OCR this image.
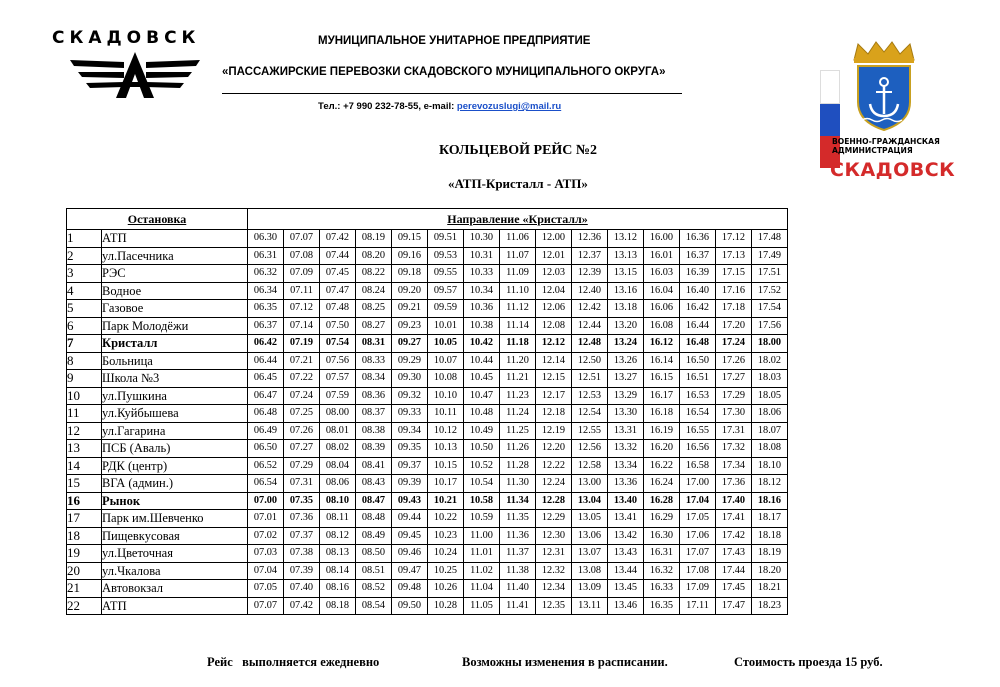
СКАДОВСК	МУНИЦИПАЛЬНОЕ УНИТАРНОЕ ПРЕДПРИЯТИЕ
«ПАССАЖИРСКИЕ ПЕРЕВОЗКИ СКАДОВСКОГО МУНИЦИПАЛЬНОГО ОКРУГА»
Тел.: +7 990 232-78-55, e-mail: perevozuslugi@mail.ru
КОЛЬЦЕВОЙ РЕЙС №2
«АТП-Кристалл - АТП»
ВОЕННО-ГРАЖДАНСКАЯ
АДМИНИСТРАЦИЯ
СКАДОВСК
Остановка		Направление «Кристалл»														
1	АТП	06.30	07.07	07.42	08.19	09.15	09.51	10.30	11.06	12.00	12.36	13.12	16.00	16.36	17.12	17.48
2	ул.Пасечника	06.31	07.08	07.44	08.20	09.16	09.53	10.31	11.07	12.01	12.37	13.13	16.01	16.37	17.13	17.49
3	РЭС	06.32	07.09	07.45	08.22	09.18	09.55	10.33	11.09	12.03	12.39	13.15	16.03	16.39	17.15	17.51
4	Водное	06.34	07.11	07.47	08.24	09.20	09.57	10.34	11.10	12.04	12.40	13.16	16.04	16.40	17.16	17.52
5	Газовое	06.35	07.12	07.48	08.25	09.21	09.59	10.36	11.12	12.06	12.42	13.18	16.06	16.42	17.18	17.54
6	Парк Молодёжи	06.37	07.14	07.50	08.27	09.23	10.01	10.38	11.14	12.08	12.44	13.20	16.08	16.44	17.20	17.56
7	Кристалл	06.42	07.19	07.54	08.31	09.27	10.05	10.42	11.18	12.12	12.48	13.24	16.12	16.48	17.24	18.00
8	Больница	06.44	07.21	07.56	08.33	09.29	10.07	10.44	11.20	12.14	12.50	13.26	16.14	16.50	17.26	18.02
9	Школа №3	06.45	07.22	07.57	08.34	09.30	10.08	10.45	11.21	12.15	12.51	13.27	16.15	16.51	17.27	18.03
10	ул.Пушкина	06.47	07.24	07.59	08.36	09.32	10.10	10.47	11.23	12.17	12.53	13.29	16.17	16.53	17.29	18.05
11	ул.Куйбышева	06.48	07.25	08.00	08.37	09.33	10.11	10.48	11.24	12.18	12.54	13.30	16.18	16.54	17.30	18.06
12	ул.Гагарина	06.49	07.26	08.01	08.38	09.34	10.12	10.49	11.25	12.19	12.55	13.31	16.19	16.55	17.31	18.07
13	ПСБ (Аваль)	06.50	07.27	08.02	08.39	09.35	10.13	10.50	11.26	12.20	12.56	13.32	16.20	16.56	17.32	18.08
14	РДК (центр)	06.52	07.29	08.04	08.41	09.37	10.15	10.52	11.28	12.22	12.58	13.34	16.22	16.58	17.34	18.10
15	ВГА (админ.)	06.54	07.31	08.06	08.43	09.39	10.17	10.54	11.30	12.24	13.00	13.36	16.24	17.00	17.36	18.12
16	Рынок	07.00	07.35	08.10	08.47	09.43	10.21	10.58	11.34	12.28	13.04	13.40	16.28	17.04	17.40	18.16
17	Парк им.Шевченко	07.01	07.36	08.11	08.48	09.44	10.22	10.59	11.35	12.29	13.05	13.41	16.29	17.05	17.41	18.17
18	Пищевкусовая	07.02	07.37	08.12	08.49	09.45	10.23	11.00	11.36	12.30	13.06	13.42	16.30	17.06	17.42	18.18
19	ул.Цветочная	07.03	07.38	08.13	08.50	09.46	10.24	11.01	11.37	12.31	13.07	13.43	16.31	17.07	17.43	18.19
20	ул.Чкалова	07.04	07.39	08.14	08.51	09.47	10.25	11.02	11.38	12.32	13.08	13.44	16.32	17.08	17.44	18.20
21	Автовокзал	07.05	07.40	08.16	08.52	09.48	10.26	11.04	11.40	12.34	13.09	13.45	16.33	17.09	17.45	18.21
22	АТП	07.07	07.42	08.18	08.54	09.50	10.28	11.05	11.41	12.35	13.11	13.46	16.35	17.11	17.47	18.23
Рейс   выполняется ежедневно	Возможны изменения в расписании.	Стоимость проезда 15 руб.
